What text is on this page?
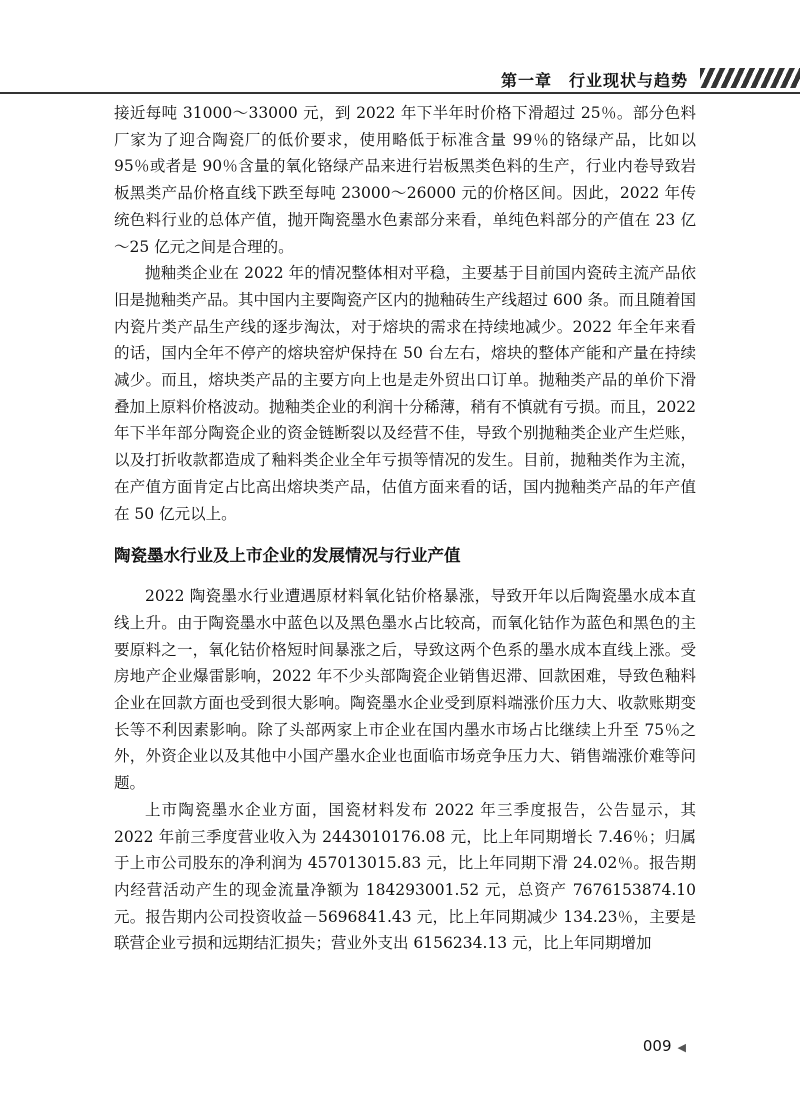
第一章　行业现状与趋势

接近每吨 31000～33000 元，到 2022 年下半年时价格下滑超过 25％。部分色料厂家为了迎合陶瓷厂的低价要求，使用略低于标准含量 99％的铬绿产品，比如以 95％或者是 90％含量的氧化铬绿产品来进行岩板黑类色料的生产，行业内卷导致岩板黑类产品价格直线下跌至每吨 23000～26000 元的价格区间。因此，2022 年传统色料行业的总体产值，抛开陶瓷墨水色素部分来看，单纯色料部分的产值在 23 亿～25 亿元之间是合理的。

抛釉类企业在 2022 年的情况整体相对平稳，主要基于目前国内瓷砖主流产品依旧是抛釉类产品。其中国内主要陶瓷产区内的抛釉砖生产线超过 600 条。而且随着国内瓷片类产品生产线的逐步淘汰，对于熔块的需求在持续地减少。2022 年全年来看的话，国内全年不停产的熔块窑炉保持在 50 台左右，熔块的整体产能和产量在持续减少。而且，熔块类产品的主要方向上也是走外贸出口订单。抛釉类产品的单价下滑叠加上原料价格波动。抛釉类企业的利润十分稀薄，稍有不慎就有亏损。而且，2022 年下半年部分陶瓷企业的资金链断裂以及经营不佳，导致个别抛釉类企业产生烂账，以及打折收款都造成了釉料类企业全年亏损等情况的发生。目前，抛釉类作为主流，在产值方面肯定占比高出熔块类产品，估值方面来看的话，国内抛釉类产品的年产值在 50 亿元以上。

陶瓷墨水行业及上市企业的发展情况与行业产值

2022 陶瓷墨水行业遭遇原材料氧化钴价格暴涨，导致开年以后陶瓷墨水成本直线上升。由于陶瓷墨水中蓝色以及黑色墨水占比较高，而氧化钴作为蓝色和黑色的主要原料之一，氧化钴价格短时间暴涨之后，导致这两个色系的墨水成本直线上涨。受房地产企业爆雷影响，2022 年不少头部陶瓷企业销售迟滞、回款困难，导致色釉料企业在回款方面也受到很大影响。陶瓷墨水企业受到原料端涨价压力大、收款账期变长等不利因素影响。除了头部两家上市企业在国内墨水市场占比继续上升至 75％之外，外资企业以及其他中小国产墨水企业也面临市场竞争压力大、销售端涨价难等问题。

上市陶瓷墨水企业方面，国瓷材料发布 2022 年三季度报告，公告显示，其 2022 年前三季度营业收入为 2443010176.08 元，比上年同期增长 7.46％；归属于上市公司股东的净利润为 457013015.83 元，比上年同期下滑 24.02％。报告期内经营活动产生的现金流量净额为 184293001.52 元，总资产 7676153874.10 元。报告期内公司投资收益－5696841.43 元，比上年同期减少 134.23％，主要是联营企业亏损和远期结汇损失；营业外支出 6156234.13 元，比上年同期增加

009 ◀
